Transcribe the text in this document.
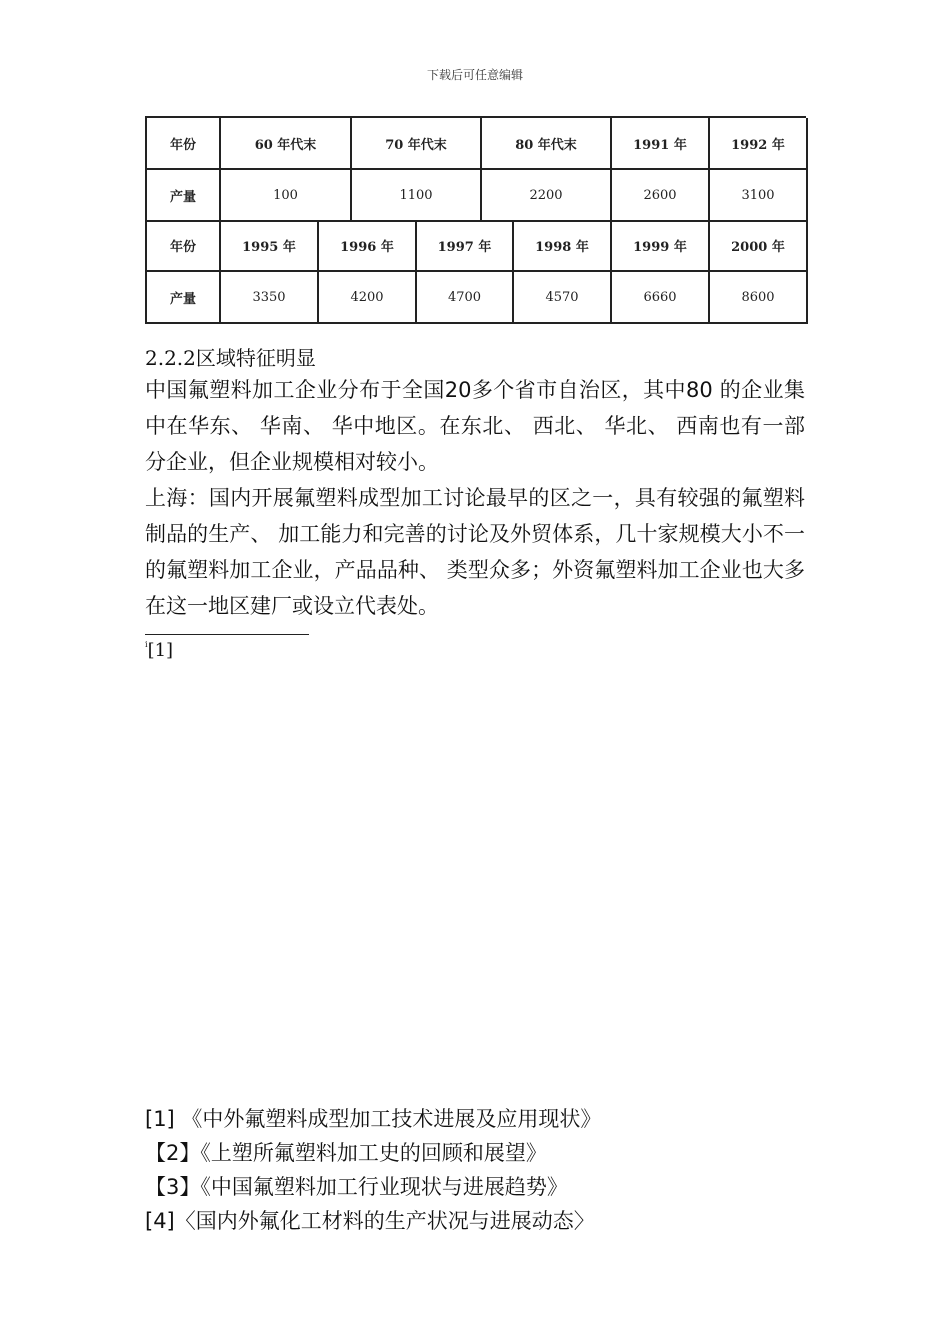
下载后可任意编辑
年份	60 年代末	70 年代末	80 年代末	1991 年	1992 年
产量	100	1100	2200	2600	3100
年份	1995 年	1996 年	1997 年	1998 年	1999 年	2000 年
产量	3350	4200	4700	4570	6660	8600
2.2.2区域特征明显

中国氟塑料加工企业分布于全国20多个省市自治区，其中80 的企业集中在华东、 华南、 华中地区。在东北、 西北、 华北、 西南也有一部分企业，但企业规模相对较小。

上海：国内开展氟塑料成型加工讨论最早的区之一，具有较强的氟塑料制品的生产、 加工能力和完善的讨论及外贸体系，几十家规模大小不一的氟塑料加工企业，产品品种、 类型众多；外资氟塑料加工企业也大多在这一地区建厂或设立代表处。

$^i$[1]
[1] 《中外氟塑料成型加工技术进展及应用现状》
【2】《上塑所氟塑料加工史的回顾和展望》
【3】《中国氟塑料加工行业现状与进展趋势》
[4]〈国内外氟化工材料的生产状况与进展动态〉
